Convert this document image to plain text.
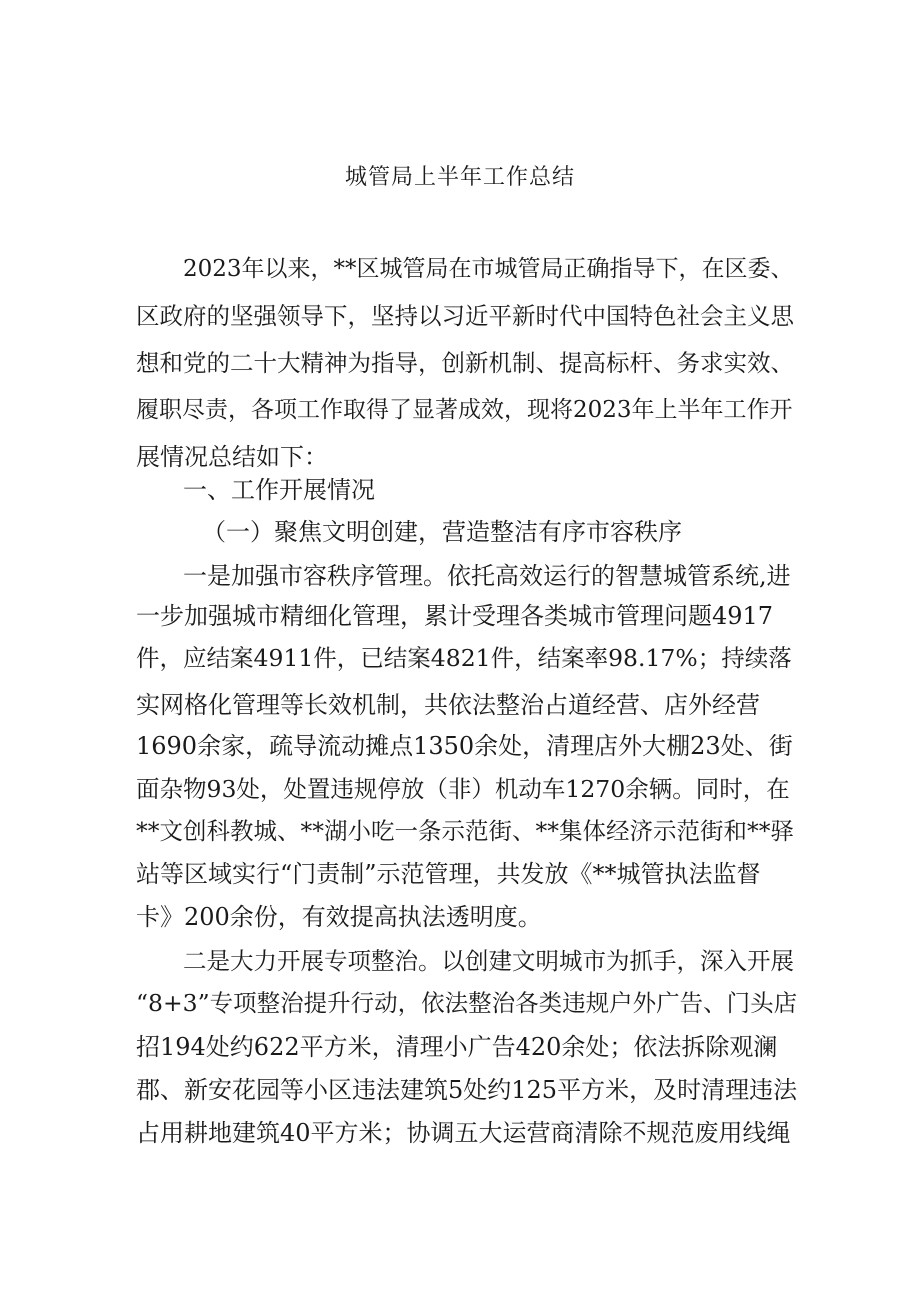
城管局上半年工作总结
2023年以来，**区城管局在市城管局正确指导下，在区委、
区政府的坚强领导下，坚持以习近平新时代中国特色社会主义思
想和党的二十大精神为指导，创新机制、提高标杆、务求实效、
履职尽责，各项工作取得了显著成效，现将2023年上半年工作开
展情况总结如下：
一、工作开展情况
（一）聚焦文明创建，营造整洁有序市容秩序
一是加强市容秩序管理。依托高效运行的智慧城管系统,进
一步加强城市精细化管理，累计受理各类城市管理问题4917
件，应结案4911件，已结案4821件，结案率98.17%；持续落
实网格化管理等长效机制，共依法整治占道经营、店外经营
1690余家，疏导流动摊点1350余处，清理店外大棚23处、街
面杂物93处，处置违规停放（非）机动车1270余辆。同时，在
**文创科教城、**湖小吃一条示范街、**集体经济示范街和**驿
站等区域实行“门责制”示范管理，共发放《**城管执法监督
卡》200余份，有效提高执法透明度。
二是大力开展专项整治。以创建文明城市为抓手，深入开展
“8+3”专项整治提升行动，依法整治各类违规户外广告、门头店
招194处约622平方米，清理小广告420余处；依法拆除观澜
郡、新安花园等小区违法建筑5处约125平方米，及时清理违法
占用耕地建筑40平方米；协调五大运营商清除不规范废用线绳
